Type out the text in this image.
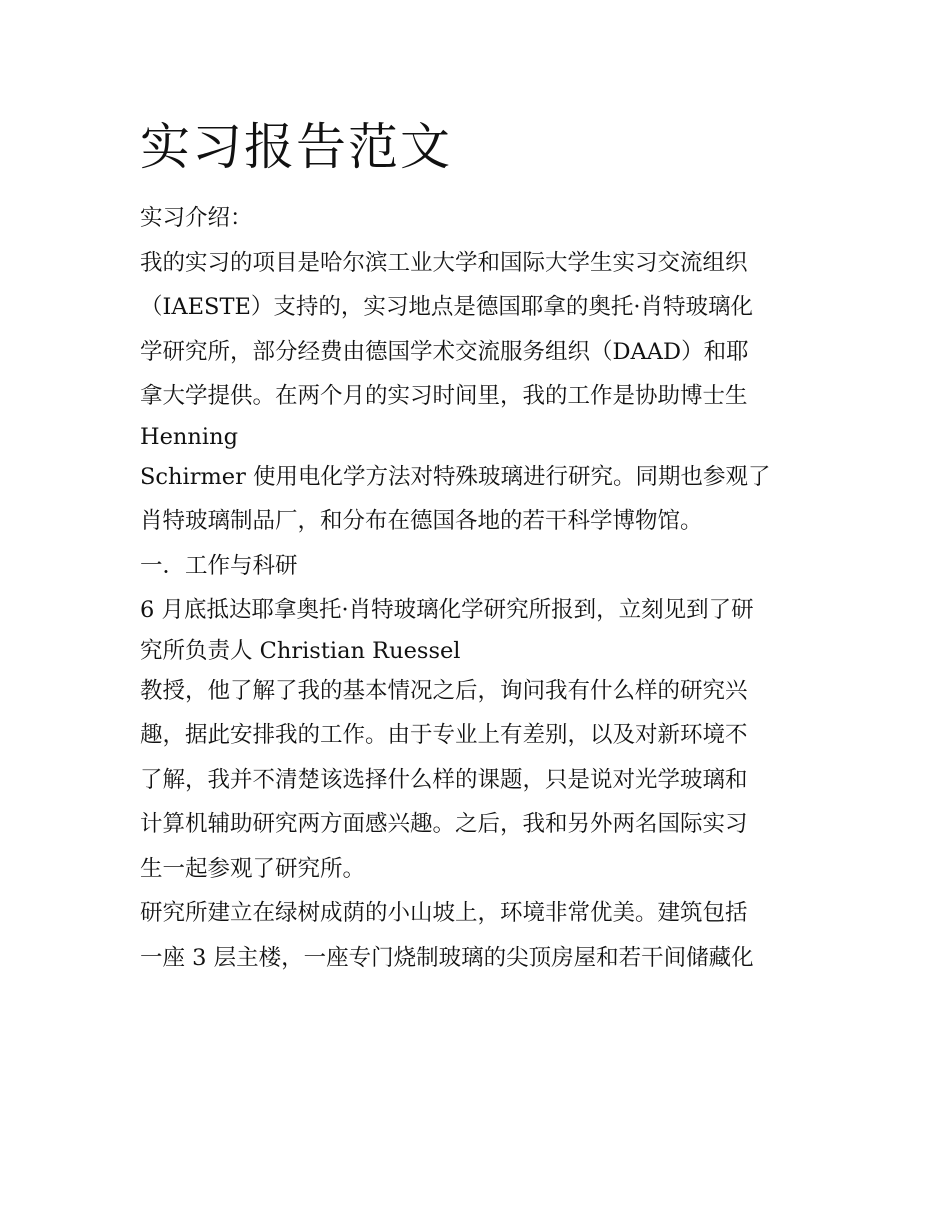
实习报告范文
实习介绍：
我的实习的项目是哈尔滨工业大学和国际大学生实习交流组织
（IAESTE）支持的，实习地点是德国耶拿的奥托·肖特玻璃化
学研究所，部分经费由德国学术交流服务组织（DAAD）和耶
拿大学提供。在两个月的实习时间里，我的工作是协助博士生
Henning
Schirmer 使用电化学方法对特殊玻璃进行研究。同期也参观了
肖特玻璃制品厂，和分布在德国各地的若干科学博物馆。
一．工作与科研
6 月底抵达耶拿奥托·肖特玻璃化学研究所报到，立刻见到了研
究所负责人 Christian Ruessel
教授，他了解了我的基本情况之后，询问我有什么样的研究兴
趣，据此安排我的工作。由于专业上有差别，以及对新环境不
了解，我并不清楚该选择什么样的课题，只是说对光学玻璃和
计算机辅助研究两方面感兴趣。之后，我和另外两名国际实习
生一起参观了研究所。
研究所建立在绿树成荫的小山坡上，环境非常优美。建筑包括
一座 3 层主楼，一座专门烧制玻璃的尖顶房屋和若干间储藏化
